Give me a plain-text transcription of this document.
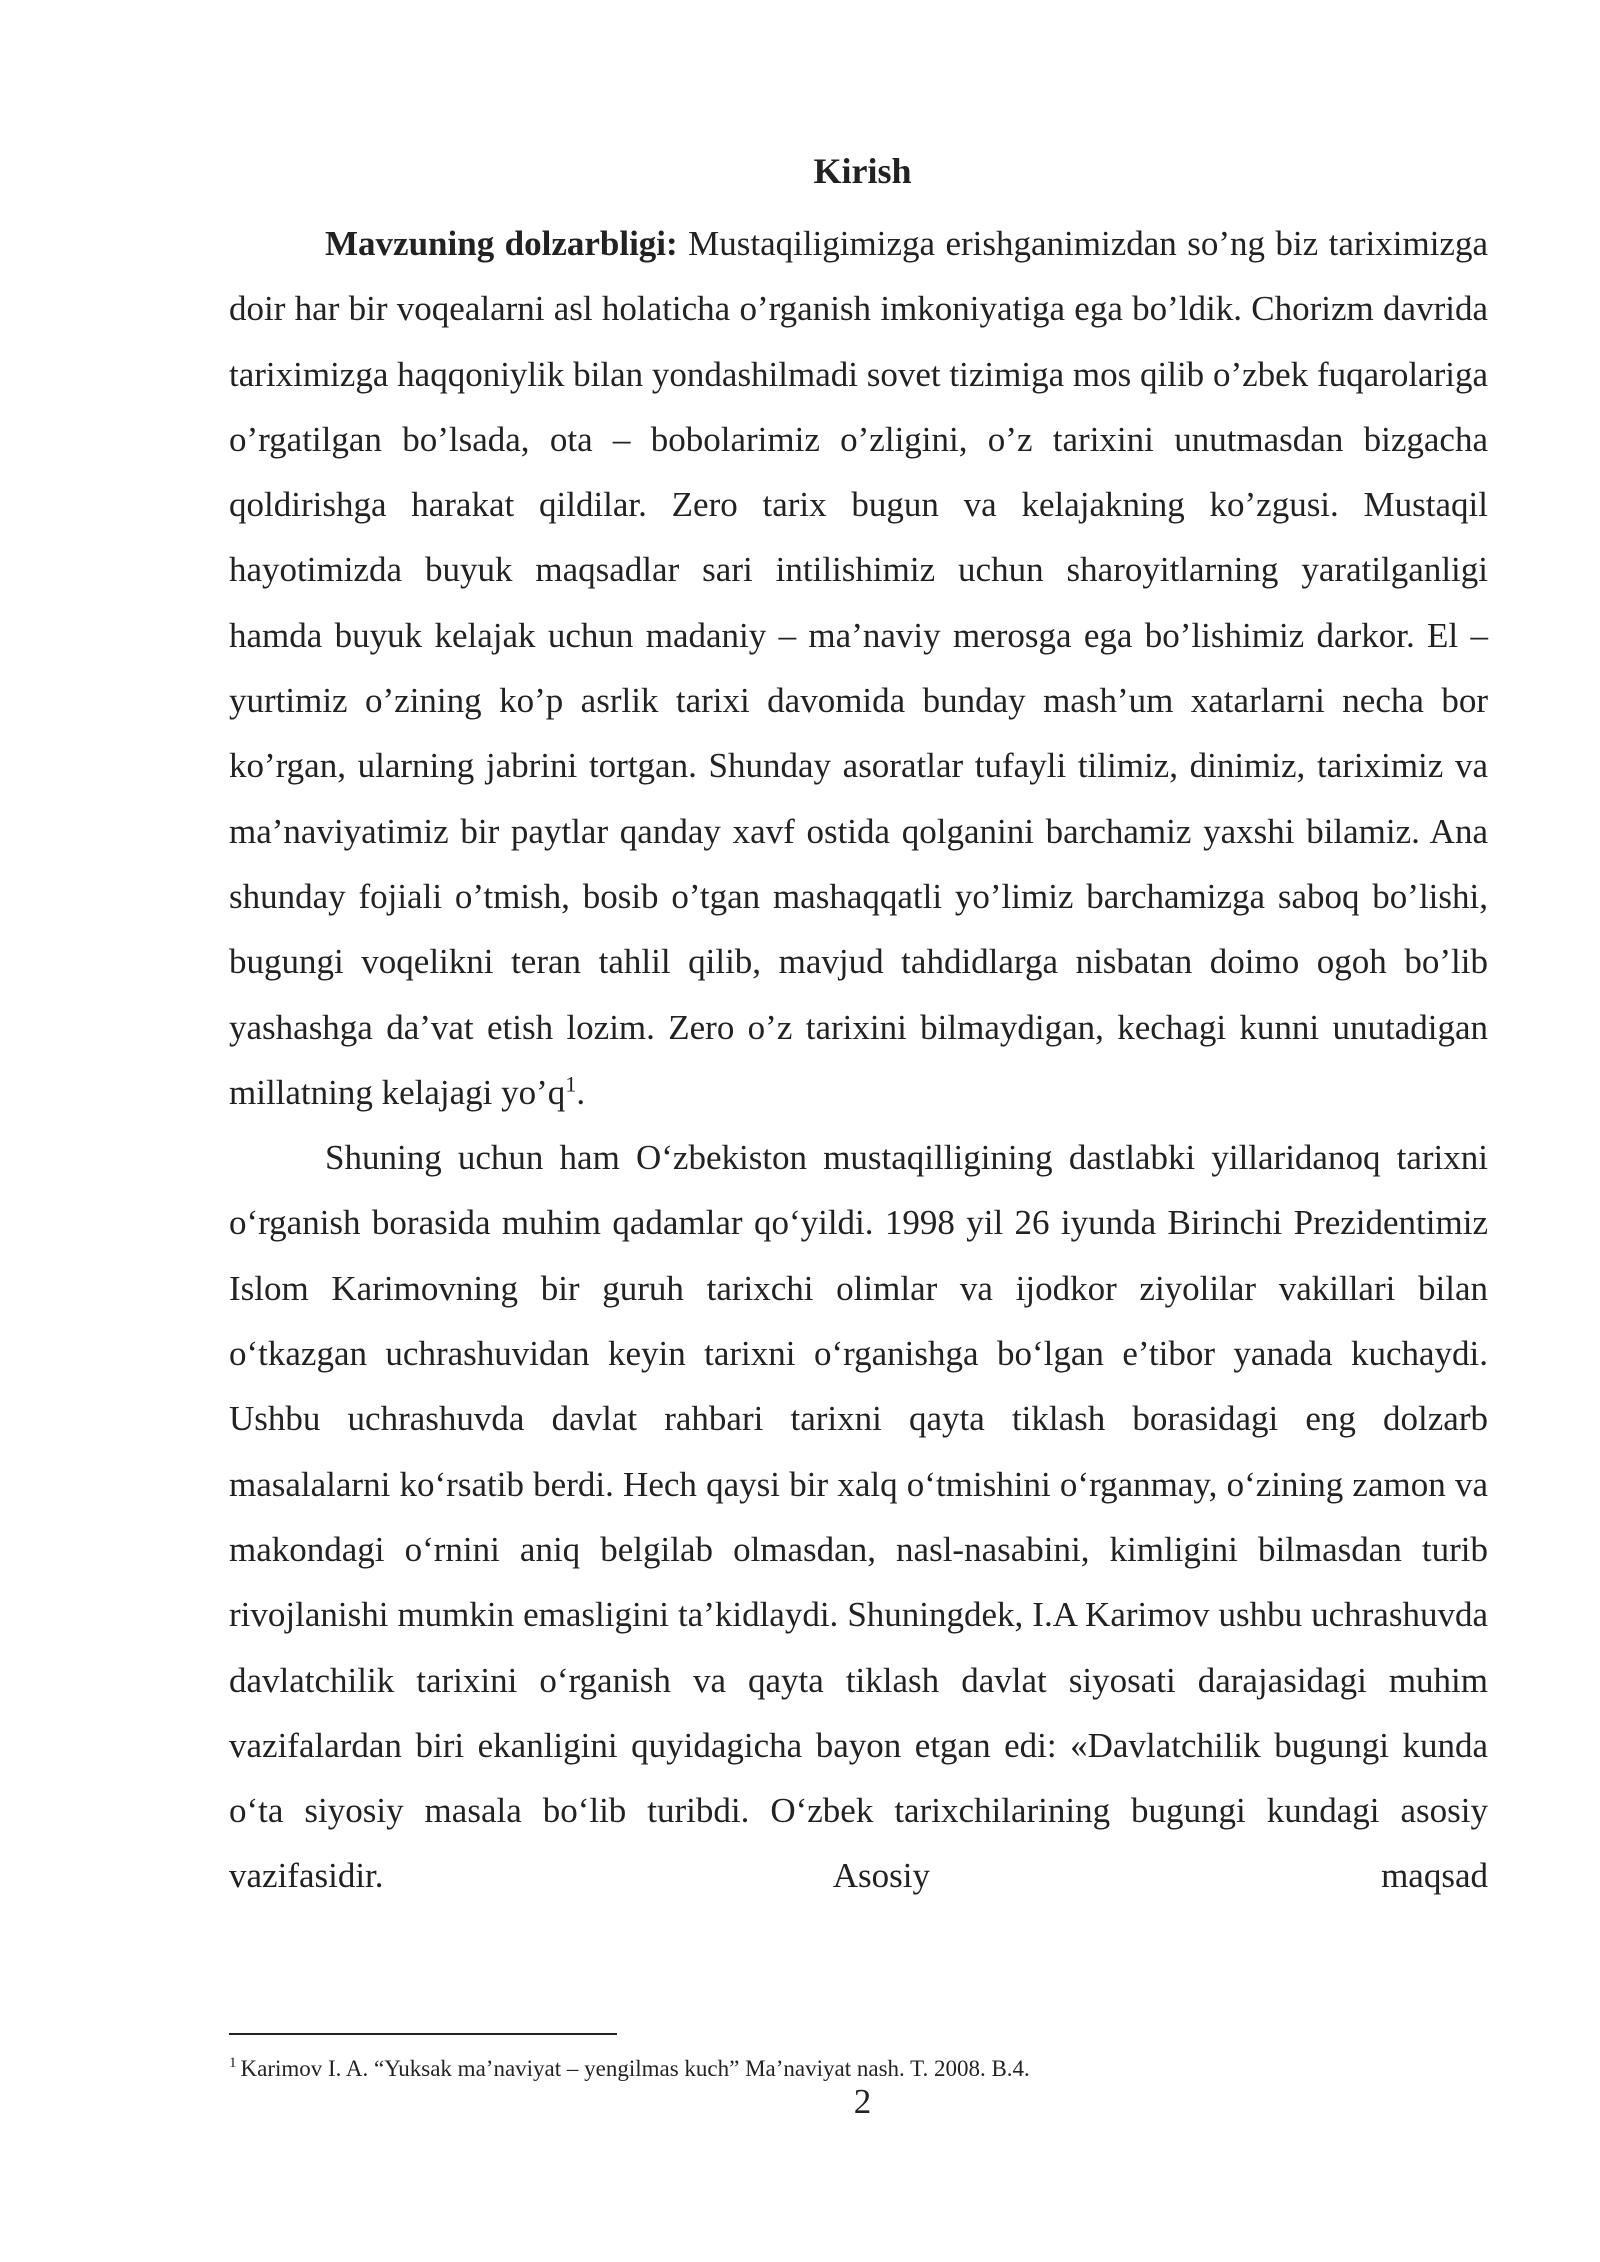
Kirish

Mavzuning dolzarbligi: Mustaqiligimizga erishganimizdan so’ng biz tariximizga doir har bir voqealarni asl holaticha o’rganish imkoniyatiga ega bo’ldik. Chorizm davrida tariximizga haqqoniylik bilan yondashilmadi sovet tizimiga mos qilib o’zbek fuqarolariga o’rgatilgan bo’lsada, ota – bobolarimiz o’zligini, o’z tarixini unutmasdan bizgacha qoldirishga harakat qildilar. Zero tarix bugun va kelajakning ko’zgusi. Mustaqil hayotimizda buyuk maqsadlar sari intilishimiz uchun sharoyitlarning yaratilganligi hamda buyuk kelajak uchun madaniy – ma’naviy merosga ega bo’lishimiz darkor. El – yurtimiz o’zining ko’p asrlik tarixi davomida bunday mash’um xatarlarni necha bor ko’rgan, ularning jabrini tortgan. Shunday asoratlar tufayli tilimiz, dinimiz, tariximiz va ma’naviyatimiz bir paytlar qanday xavf ostida qolganini barchamiz yaxshi bilamiz. Ana shunday fojiali o’tmish, bosib o’tgan mashaqqatli yo’limiz barchamizga saboq bo’lishi, bugungi voqelikni teran tahlil qilib, mavjud tahdidlarga nisbatan doimo ogoh bo’lib yashashga da’vat etish lozim. Zero o’z tarixini bilmaydigan, kechagi kunni unutadigan millatning kelajagi yo’q$^1$.

Shuning uchun ham O‘zbekiston mustaqilligining dastlabki yillaridanoq tarixni o‘rganish borasida muhim qadamlar qo‘yildi. 1998 yil 26 iyunda Birinchi Prezidentimiz Islom Karimovning bir guruh tarixchi olimlar va ijodkor ziyolilar vakillari bilan o‘tkazgan uchrashuvidan keyin tarixni o‘rganishga bo‘lgan e’tibor yanada kuchaydi. Ushbu uchrashuvda davlat rahbari tarixni qayta tiklash borasidagi eng dolzarb masalalarni ko‘rsatib berdi. Hech qaysi bir xalq o‘tmishini o‘rganmay, o‘zining zamon va makondagi o‘rnini aniq belgilab olmasdan, nasl-nasabini, kimligini bilmasdan turib rivojlanishi mumkin emasligini ta’kidlaydi. Shuningdek, I.A Karimov ushbu uchrashuvda davlatchilik tarixini o‘rganish va qayta tiklash davlat siyosati darajasidagi muhim vazifalardan biri ekanligini quyidagicha bayon etgan edi: «Davlatchilik bugungi kunda o‘ta siyosiy masala bo‘lib turibdi. O‘zbek tarixchilarining bugungi kundagi asosiy vazifasidir. Asosiy maqsad

$^1$ Karimov I. A. “Yuksak ma’naviyat – yengilmas kuch” Ma’naviyat nash. T. 2008. B.4.
2
